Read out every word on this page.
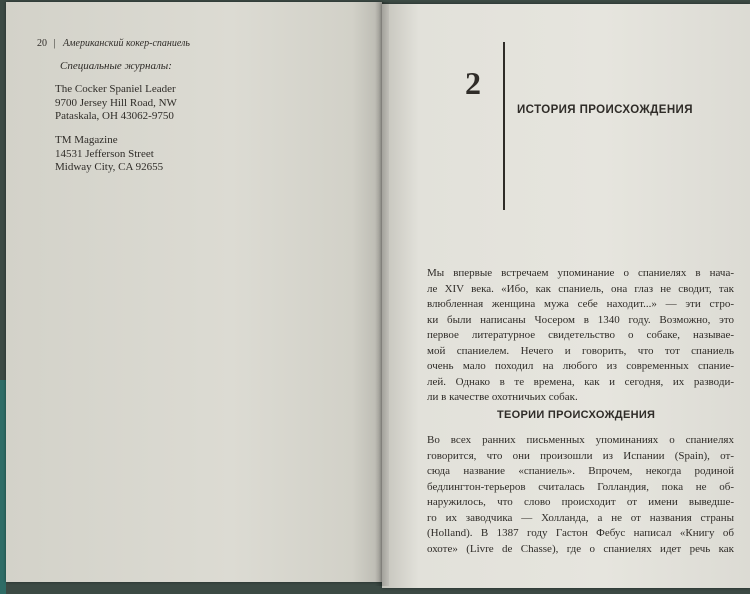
20 | Американский кокер-спаниель
Специальные журналы:
The Cocker Spaniel Leader
9700 Jersey Hill Road, NW
Pataskala, OH 43062-9750
TM Magazine
14531 Jefferson Street
Midway City, CA 92655
2
ИСТОРИЯ ПРОИСХОЖДЕНИЯ
Мы впервые встречаем упоминание о спаниелях в нача-
ле XIV века. «Ибо, как спаниель, она глаз не сводит, так
влюбленная женщина мужа себе находит...» — эти стро-
ки были написаны Чосером в 1340 году. Возможно, это
первое литературное свидетельство о собаке, называе-
мой спаниелем. Нечего и говорить, что тот спаниель
очень мало походил на любого из современных спание-
лей. Однако в те времена, как и сегодня, их разводи-
ли в качестве охотничьих собак.
ТЕОРИИ ПРОИСХОЖДЕНИЯ
Во всех ранних письменных упоминаниях о спаниелях
говорится, что они произошли из Испании (Spain), от-
сюда название «спаниель». Впрочем, некогда родиной
бедлингтон-терьеров считалась Голландия, пока не об-
наружилось, что слово происходит от имени выведшe-
го их заводчика — Холланда, а не от названия страны
(Holland). В 1387 году Гастон Фебус написал «Книгу об
охоте» (Livre de Chasse), где о спаниелях идет речь как
